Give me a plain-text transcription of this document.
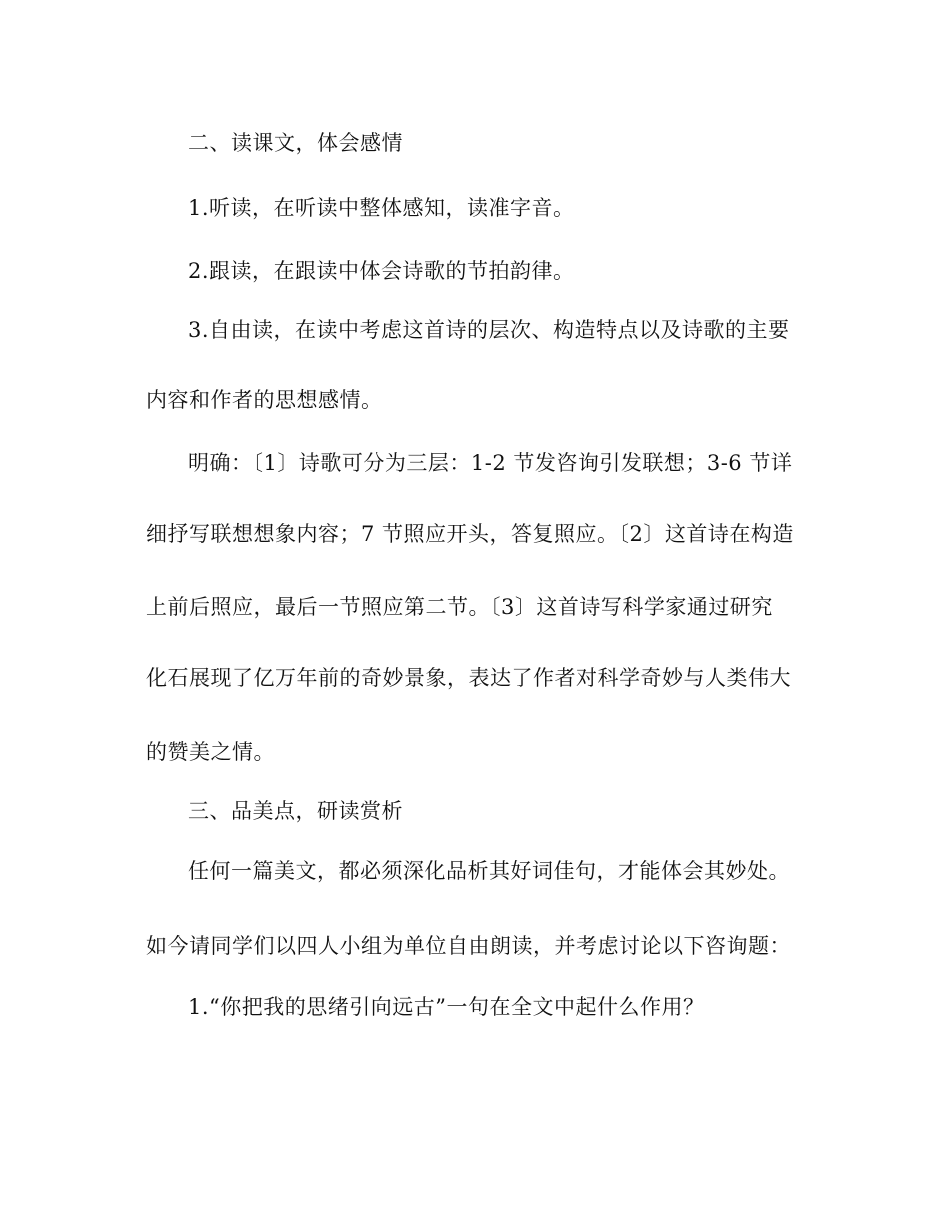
二、读课文，体会感情
1.听读，在听读中整体感知，读准字音。
2.跟读，在跟读中体会诗歌的节拍韵律。
3.自由读，在读中考虑这首诗的层次、构造特点以及诗歌的主要
内容和作者的思想感情。
明确：〔1〕诗歌可分为三层：1-2 节发咨询引发联想；3-6 节详
细抒写联想想象内容；7 节照应开头，答复照应。〔2〕这首诗在构造
上前后照应，最后一节照应第二节。〔3〕这首诗写科学家通过研究
化石展现了亿万年前的奇妙景象，表达了作者对科学奇妙与人类伟大
的赞美之情。
三、品美点，研读赏析
任何一篇美文，都必须深化品析其好词佳句，才能体会其妙处。
如今请同学们以四人小组为单位自由朗读，并考虑讨论以下咨询题：
1.“你把我的思绪引向远古”一句在全文中起什么作用？
